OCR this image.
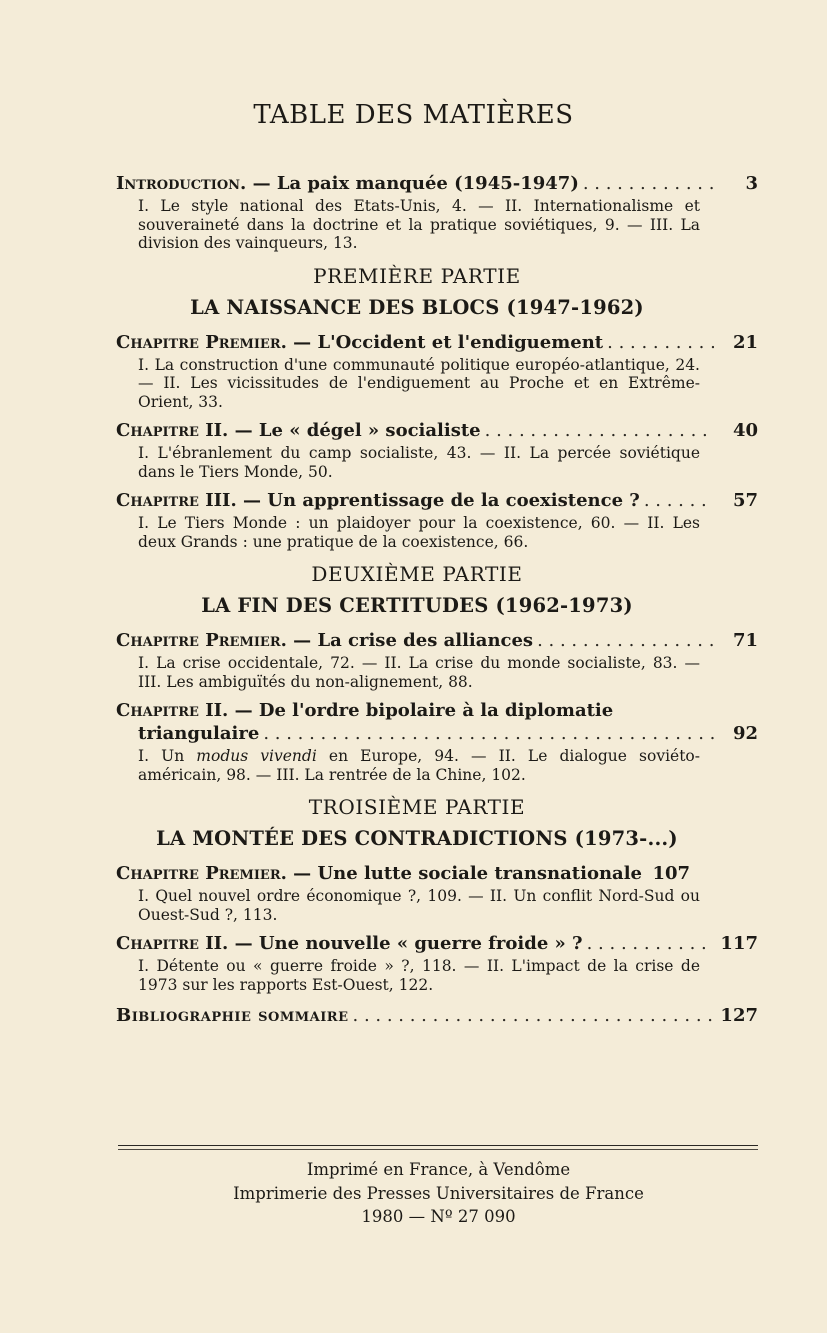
TABLE DES MATIÈRES
Introduction. — La paix manquée (1945-1947) . . .	3
I. Le style national des Etats-Unis, 4. — II. Internationalisme et souveraineté dans la doctrine et la pratique soviétiques, 9. — III. La division des vainqueurs, 13.
PREMIÈRE PARTIE
LA NAISSANCE DES BLOCS (1947-1962)
Chapitre Premier. — L'Occident et l'endiguement . . .	21
I. La construction d'une communauté politique européo-atlantique, 24. — II. Les vicissitudes de l'endiguement au Proche et en Extrême-Orient, 33.
Chapitre II. — Le « dégel » socialiste . . .	40
I. L'ébranlement du camp socialiste, 43. — II. La percée soviétique dans le Tiers Monde, 50.
Chapitre III. — Un apprentissage de la coexistence ? . . .	57
I. Le Tiers Monde : un plaidoyer pour la coexistence, 60. — II. Les deux Grands : une pratique de la coexistence, 66.
DEUXIÈME PARTIE
LA FIN DES CERTITUDES (1962-1973)
Chapitre Premier. — La crise des alliances . . .	71
I. La crise occidentale, 72. — II. La crise du monde socialiste, 83. — III. Les ambiguïtés du non-alignement, 88.
Chapitre II. — De l'ordre bipolaire à la diplomatie
triangulaire . . .	92
I. Un modus vivendi en Europe, 94. — II. Le dialogue soviéto-américain, 98. — III. La rentrée de la Chine, 102.
TROISIÈME PARTIE
LA MONTÉE DES CONTRADICTIONS (1973-...)
Chapitre Premier. — Une lutte sociale transnationale 107
I. Quel nouvel ordre économique ?, 109. — II. Un conflit Nord-Sud ou Ouest-Sud ?, 113.
Chapitre II. — Une nouvelle « guerre froide » ? . . .	117
I. Détente ou « guerre froide » ?, 118. — II. L'impact de la crise de 1973 sur les rapports Est-Ouest, 122.
Bibliographie sommaire . . .	127
Imprimé en France, à Vendôme
Imprimerie des Presses Universitaires de France
1980 — Nº 27 090
